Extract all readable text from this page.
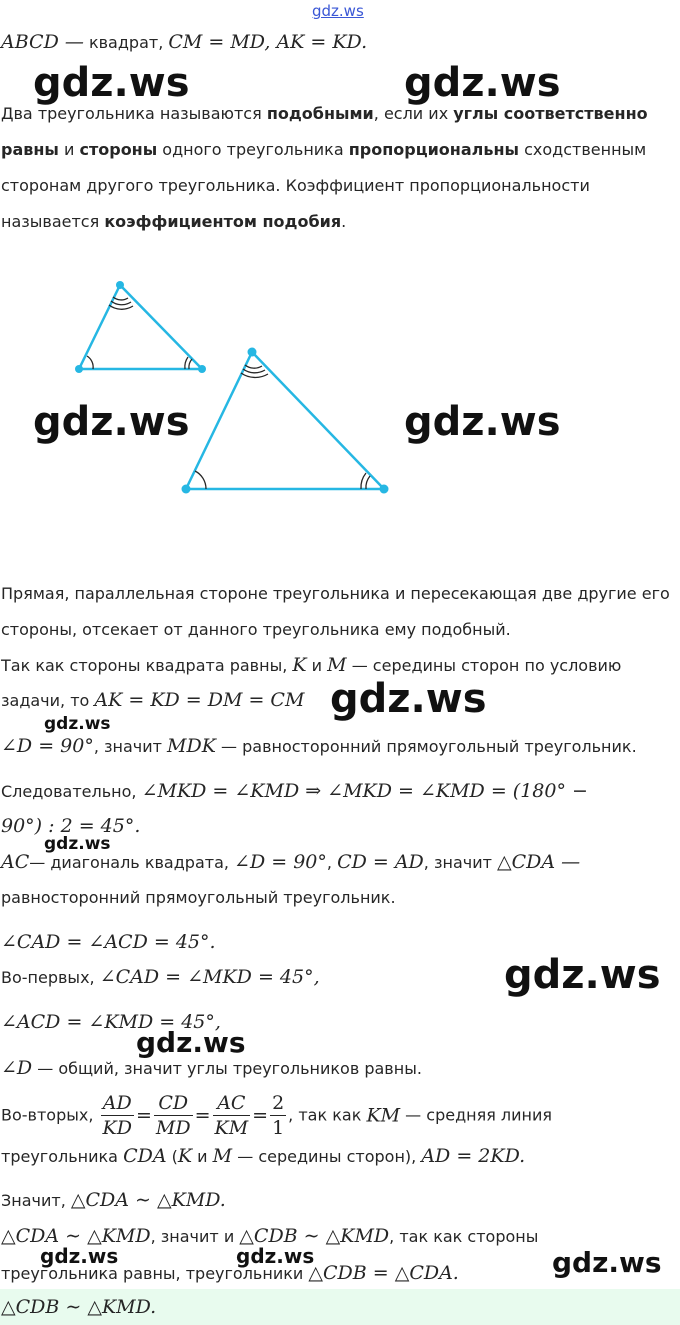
gdz.ws
gdz.ws	gdz.ws
gdz.ws	gdz.ws
gdz.ws
gdz.ws
gdz.ws
gdz.ws
gdz.ws
gdz.ws
gdz.ws	gdz.ws
ABCD — квадрат, CM = MD, AK = KD.
Два треугольника называются подобными, если их углы соответственно
равны и стороны одного треугольника пропорциональны сходственным
сторонам другого треугольника. Коэффициент пропорциональности
называется коэффициентом подобия.
Прямая, параллельная стороне треугольника и пересекающая две другие его
стороны, отсекает от данного треугольника ему подобный.
Так как стороны квадрата равны, K и M — середины сторон по условию
задачи, то AK = KD = DM = CM
∠D = 90°, значит MDK — равносторонний прямоугольный треугольник.
Следовательно, ∠MKD = ∠KMD ⇒ ∠MKD = ∠KMD = (180° −
90°) : 2 = 45°.
AC— диагональ квадрата, ∠D = 90°, CD = AD, значит △CDA —
равносторонний прямоугольный треугольник.
∠CAD = ∠ACD = 45°.
Во-первых, ∠CAD = ∠MKD = 45°,
∠ACD = ∠KMD = 45°,
∠D — общий, значит углы треугольников равны.
Во-вторых, $\frac{AD}{KD} = \frac{CD}{MD} = \frac{AC}{KM} = \frac{2}{1}$ , так как KM — средняя линия
треугольника CDA (K и M — середины сторон), AD = 2KD.
Значит, △CDA ∼ △KMD.
△CDA ∼ △KMD, значит и △CDB ∼ △KMD, так как стороны
треугольника равны, треугольники △CDB = △CDA.
△CDB ∼ △KMD.
